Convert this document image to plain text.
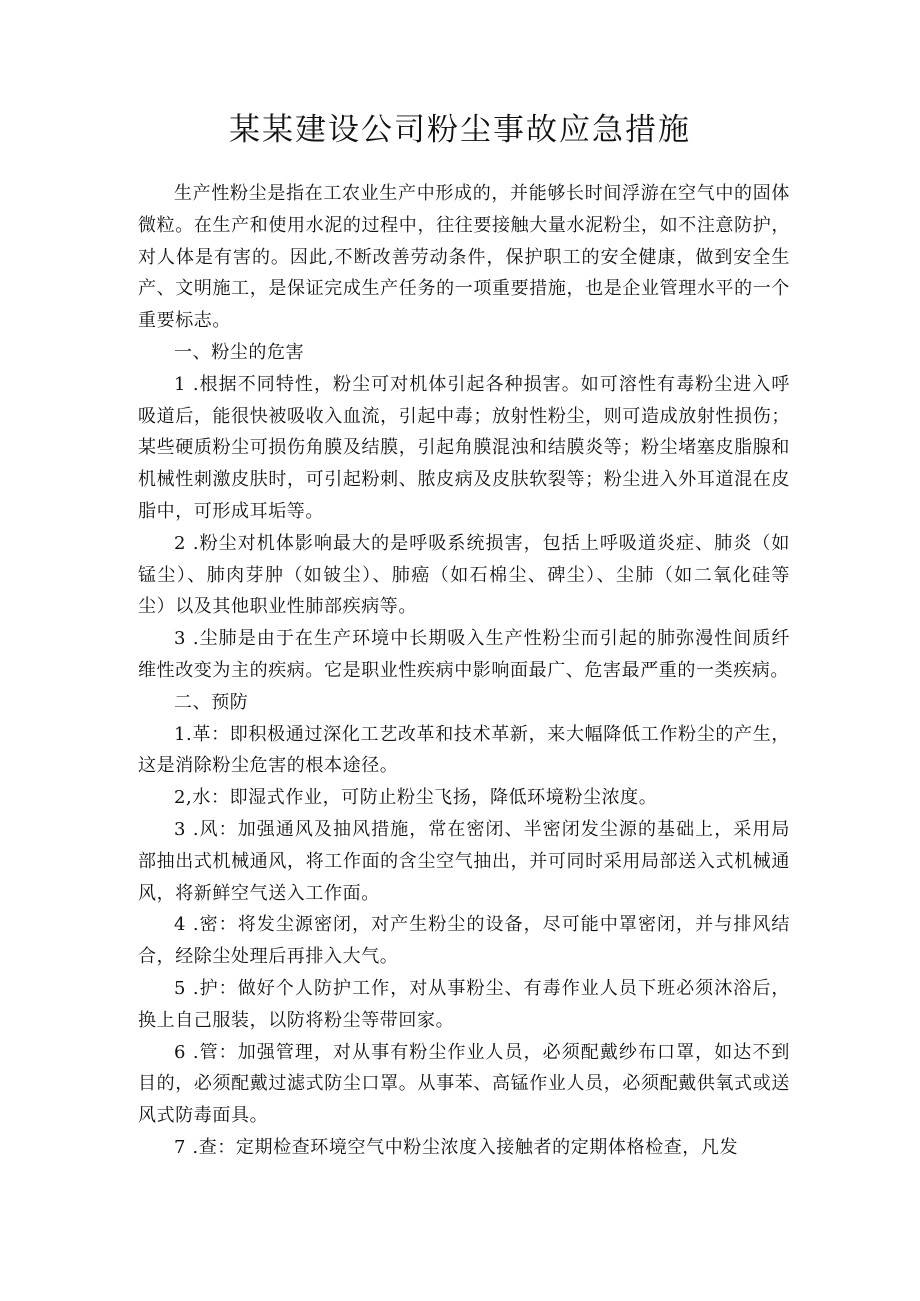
某某建设公司粉尘事故应急措施

生产性粉尘是指在工农业生产中形成的，并能够长时间浮游在空气中的固体微粒。在生产和使用水泥的过程中，往往要接触大量水泥粉尘，如不注意防护，对人体是有害的。因此,不断改善劳动条件，保护职工的安全健康，做到安全生产、文明施工，是保证完成生产任务的一项重要措施，也是企业管理水平的一个重要标志。

一、粉尘的危害

1 .根据不同特性，粉尘可对机体引起各种损害。如可溶性有毒粉尘进入呼吸道后，能很快被吸收入血流，引起中毒；放射性粉尘，则可造成放射性损伤；某些硬质粉尘可损伤角膜及结膜，引起角膜混浊和结膜炎等；粉尘堵塞皮脂腺和机械性刺激皮肤时，可引起粉刺、脓皮病及皮肤软裂等；粉尘进入外耳道混在皮脂中，可形成耳垢等。

2 .粉尘对机体影响最大的是呼吸系统损害，包括上呼吸道炎症、肺炎（如锰尘）、肺肉芽肿（如铍尘）、肺癌（如石棉尘、碑尘）、尘肺（如二氧化硅等尘）以及其他职业性肺部疾病等。

3 .尘肺是由于在生产环境中长期吸入生产性粉尘而引起的肺弥漫性间质纤维性改变为主的疾病。它是职业性疾病中影响面最广、危害最严重的一类疾病。

二、预防

1.革：即积极通过深化工艺改革和技术革新，来大幅降低工作粉尘的产生，这是消除粉尘危害的根本途径。

2,水：即湿式作业，可防止粉尘飞扬，降低环境粉尘浓度。

3 .风：加强通风及抽风措施，常在密闭、半密闭发尘源的基础上，采用局部抽出式机械通风，将工作面的含尘空气抽出，并可同时采用局部送入式机械通风，将新鲜空气送入工作面。

4 .密：将发尘源密闭，对产生粉尘的设备，尽可能中罩密闭，并与排风结合，经除尘处理后再排入大气。

5 .护：做好个人防护工作，对从事粉尘、有毒作业人员下班必须沐浴后，换上自己服装，以防将粉尘等带回家。

6 .管：加强管理，对从事有粉尘作业人员，必须配戴纱布口罩，如达不到目的，必须配戴过滤式防尘口罩。从事苯、高锰作业人员，必须配戴供氧式或送风式防毒面具。

7 .查：定期检查环境空气中粉尘浓度入接触者的定期体格检查，凡发
